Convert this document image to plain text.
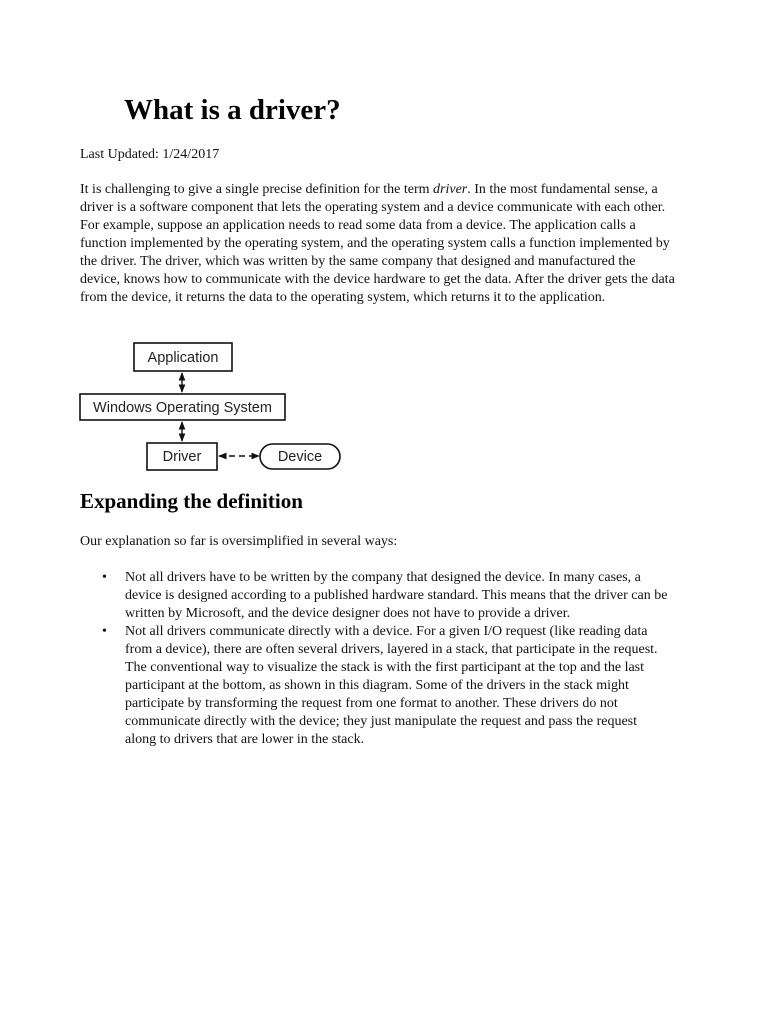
What is a driver?

Last Updated: 1/24/2017

It is challenging to give a single precise definition for the term driver. In the most fundamental sense, a driver is a software component that lets the operating system and a device communicate with each other. For example, suppose an application needs to read some data from a device. The application calls a function implemented by the operating system, and the operating system calls a function implemented by the driver. The driver, which was written by the same company that designed and manufactured the device, knows how to communicate with the device hardware to get the data. After the driver gets the data from the device, it returns the data to the operating system, which returns it to the application.

Application
Windows Operating System
Driver	Device
Expanding the definition

Our explanation so far is oversimplified in several ways:

• Not all drivers have to be written by the company that designed the device. In many cases, a device is designed according to a published hardware standard. This means that the driver can be written by Microsoft, and the device designer does not have to provide a driver.
• Not all drivers communicate directly with a device. For a given I/O request (like reading data from a device), there are often several drivers, layered in a stack, that participate in the request. The conventional way to visualize the stack is with the first participant at the top and the last participant at the bottom, as shown in this diagram. Some of the drivers in the stack might participate by transforming the request from one format to another. These drivers do not communicate directly with the device; they just manipulate the request and pass the request along to drivers that are lower in the stack.
